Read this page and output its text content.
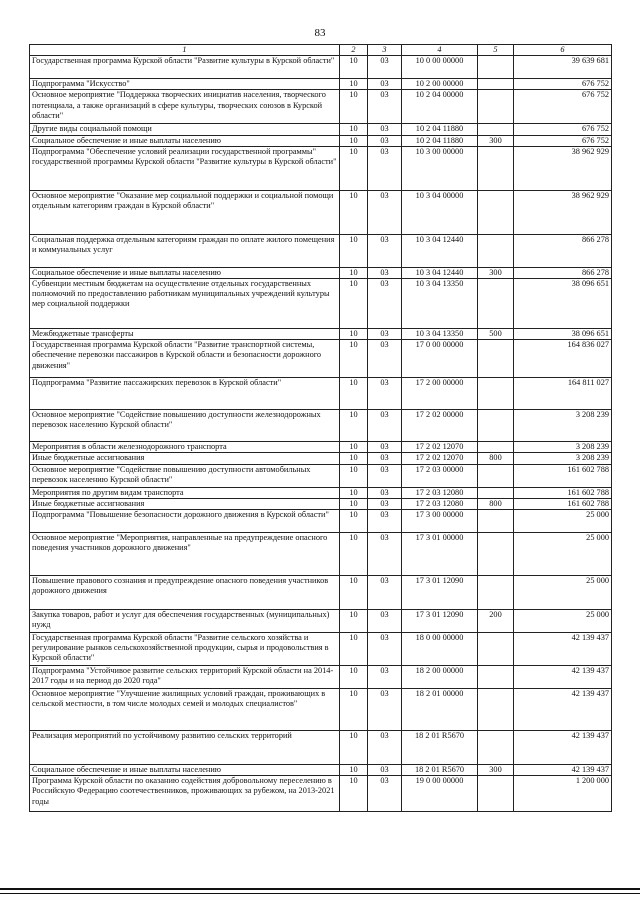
83
1	2	3	4	5	6
Государственная программа Курской области "Развитие культуры в Курской области"	10	03	10 0 00 00000		39 639 681
Подпрограмма "Искусство"	10	03	10 2 00 00000		676 752
Основное мероприятие "Поддержка творческих инициатив населения, творческого потенциала, а также организаций в сфере культуры, творческих союзов в Курской области"	10	03	10 2 04 00000		676 752
Другие виды социальной помощи	10	03	10 2 04 11880		676 752
Социальное обеспечение и иные выплаты населению	10	03	10 2 04 11880	300	676 752
Подпрограмма "Обеспечение условий реализации государственной программы" государственной программы Курской области "Развитие культуры в Курской области"	10	03	10 3 00 00000		38 962 929
Основное мероприятие "Оказание мер социальной поддержки и социальной помощи отдельным категориям граждан в Курской области"	10	03	10 3 04 00000		38 962 929
Социальная поддержка отдельным категориям граждан по оплате жилого помещения и коммунальных услуг	10	03	10 3 04 12440		866 278
Социальное обеспечение и иные выплаты населению	10	03	10 3 04 12440	300	866 278
Субвенции местным бюджетам на осуществление отдельных государственных полномочий по предоставлению работникам муниципальных учреждений культуры мер социальной поддержки	10	03	10 3 04 13350		38 096 651
Межбюджетные трансферты	10	03	10 3 04 13350	500	38 096 651
Государственная программа Курской области "Развитие транспортной системы, обеспечение перевозки пассажиров в Курской области и безопасности дорожного движения"	10	03	17 0 00 00000		164 836 027
Подпрограмма "Развитие пассажирских перевозок в Курской области"	10	03	17 2 00 00000		164 811 027
Основное мероприятие "Содействие повышению доступности железнодорожных перевозок населению Курской области"	10	03	17 2 02 00000		3 208 239
Мероприятия в области железнодорожного транспорта	10	03	17 2 02 12070		3 208 239
Иные бюджетные ассигнования	10	03	17 2 02 12070	800	3 208 239
Основное мероприятие "Содействие повышению доступности автомобильных перевозок населению Курской области"	10	03	17 2 03 00000		161 602 788
Мероприятия по другим видам транспорта	10	03	17 2 03 12080		161 602 788
Иные бюджетные ассигнования	10	03	17 2 03 12080	800	161 602 788
Подпрограмма "Повышение безопасности дорожного движения в Курской области"	10	03	17 3 00 00000		25 000
Основное мероприятие "Мероприятия, направленные на предупреждение опасного поведения участников дорожного движения"	10	03	17 3 01 00000		25 000
Повышение правового сознания и предупреждение опасного поведения участников дорожного движения	10	03	17 3 01 12090		25 000
Закупка товаров, работ и услуг для обеспечения государственных (муниципальных) нужд	10	03	17 3 01 12090	200	25 000
Государственная программа Курской области "Развитие сельского хозяйства и регулирование рынков сельскохозяйственной продукции, сырья и продовольствия в Курской области"	10	03	18 0 00 00000		42 139 437
Подпрограмма "Устойчивое развитие сельских территорий Курской области на 2014-2017 годы и на период до 2020 года"	10	03	18 2 00 00000		42 139 437
Основное мероприятие "Улучшение жилищных условий граждан, проживающих в сельской местности, в том числе молодых семей и молодых специалистов"	10	03	18 2 01 00000		42 139 437
Реализация мероприятий по устойчивому развитию сельских территорий	10	03	18 2 01 R5670		42 139 437
Социальное обеспечение и иные выплаты населению	10	03	18 2 01 R5670	300	42 139 437
Программа Курской области по оказанию содействия добровольному переселению в Российскую Федерацию соотечественников, проживающих за рубежом, на 2013-2021 годы	10	03	19 0 00 00000		1 200 000
